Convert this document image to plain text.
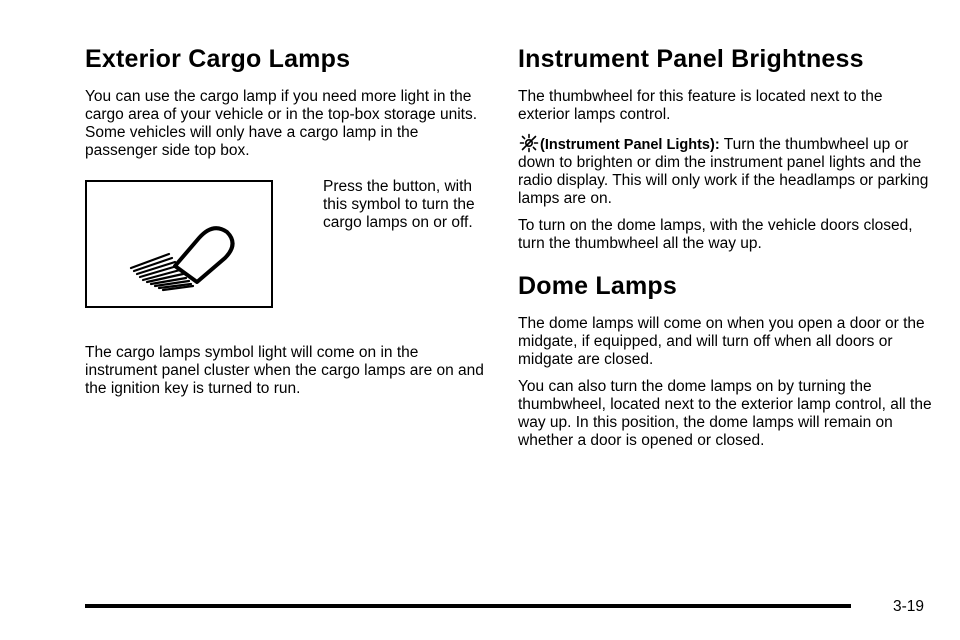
Exterior Cargo Lamps

You can use the cargo lamp if you need more light in the cargo area of your vehicle or in the top-box storage units. Some vehicles will only have a cargo lamp in the passenger side top box.

Press the button, with this symbol to turn the cargo lamps on or off.

The cargo lamps symbol light will come on in the instrument panel cluster when the cargo lamps are on and the ignition key is turned to run.

Instrument Panel Brightness

The thumbwheel for this feature is located next to the exterior lamps control.

(Instrument Panel Lights): Turn the thumbwheel up or down to brighten or dim the instrument panel lights and the radio display. This will only work if the headlamps or parking lamps are on.

To turn on the dome lamps, with the vehicle doors closed, turn the thumbwheel all the way up.

Dome Lamps

The dome lamps will come on when you open a door or the midgate, if equipped, and will turn off when all doors or midgate are closed.

You can also turn the dome lamps on by turning the thumbwheel, located next to the exterior lamp control, all the way up. In this position, the dome lamps will remain on whether a door is opened or closed.

3-19
